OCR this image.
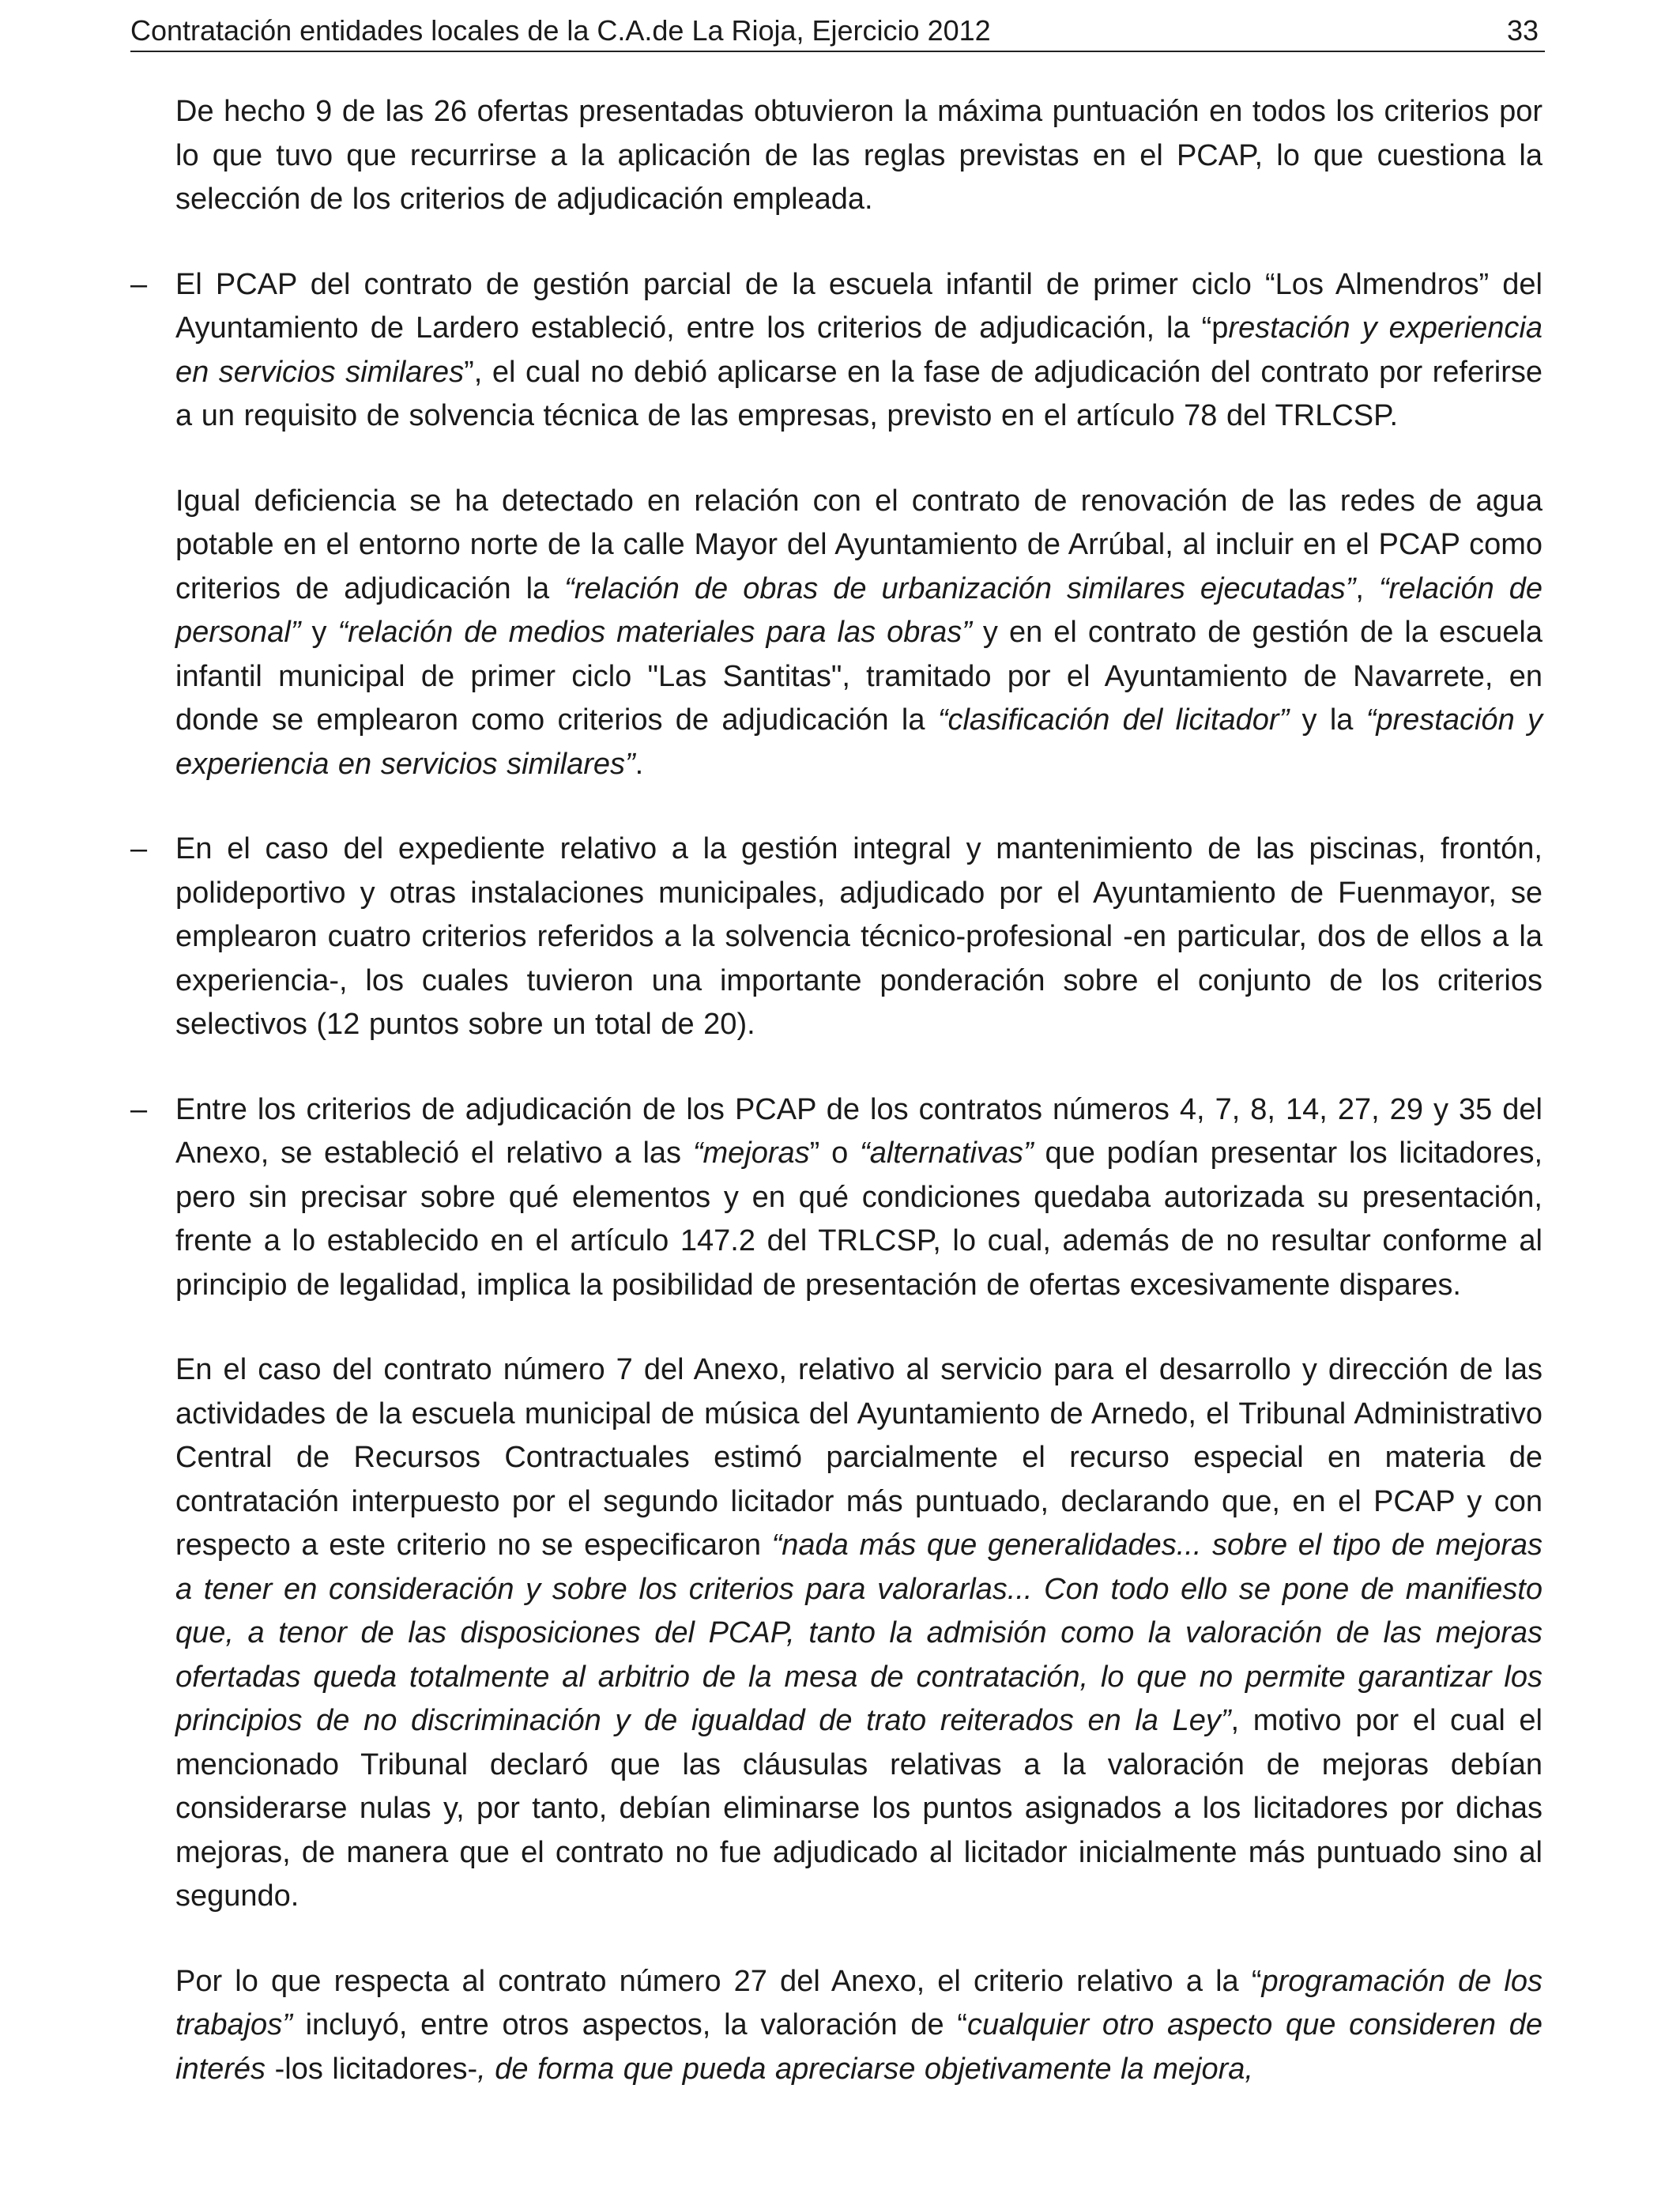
Contratación entidades locales de la C.A.de La Rioja, Ejercicio 2012	33

De hecho 9 de las 26 ofertas presentadas obtuvieron la máxima puntuación en todos los criterios por lo que tuvo que recurrirse a la aplicación de las reglas previstas en el PCAP, lo que cuestiona la selección de los criterios de adjudicación empleada.

– El PCAP del contrato de gestión parcial de la escuela infantil de primer ciclo “Los Almendros” del Ayuntamiento de Lardero estableció, entre los criterios de adjudicación, la “prestación y experiencia en servicios similares”, el cual no debió aplicarse en la fase de adjudicación del contrato por referirse a un requisito de solvencia técnica de las empresas, previsto en el artículo 78 del TRLCSP.

Igual deficiencia se ha detectado en relación con el contrato de renovación de las redes de agua potable en el entorno norte de la calle Mayor del Ayuntamiento de Arrúbal, al incluir en el PCAP como criterios de adjudicación la “relación de obras de urbanización similares ejecutadas”, “relación de personal” y “relación de medios materiales para las obras” y en el contrato de gestión de la escuela infantil municipal de primer ciclo "Las Santitas", tramitado por el Ayuntamiento de Navarrete, en donde se emplearon como criterios de adjudicación la “clasificación del licitador” y la “prestación y experiencia en servicios similares”.

– En el caso del expediente relativo a la gestión integral y mantenimiento de las piscinas, frontón, polideportivo y otras instalaciones municipales, adjudicado por el Ayuntamiento de Fuenmayor, se emplearon cuatro criterios referidos a la solvencia técnico-profesional -en particular, dos de ellos a la experiencia-, los cuales tuvieron una importante ponderación sobre el conjunto de los criterios selectivos (12 puntos sobre un total de 20).

– Entre los criterios de adjudicación de los PCAP de los contratos números 4, 7, 8, 14, 27, 29 y 35 del Anexo, se estableció el relativo a las “mejoras” o “alternativas” que podían presentar los licitadores, pero sin precisar sobre qué elementos y en qué condiciones quedaba autorizada su presentación, frente a lo establecido en el artículo 147.2 del TRLCSP, lo cual, además de no resultar conforme al principio de legalidad, implica la posibilidad de presentación de ofertas excesivamente dispares.

En el caso del contrato número 7 del Anexo, relativo al servicio para el desarrollo y dirección de las actividades de la escuela municipal de música del Ayuntamiento de Arnedo, el Tribunal Administrativo Central de Recursos Contractuales estimó parcialmente el recurso especial en materia de contratación interpuesto por el segundo licitador más puntuado, declarando que, en el PCAP y con respecto a este criterio no se especificaron “nada más que generalidades... sobre el tipo de mejoras a tener en consideración y sobre los criterios para valorarlas... Con todo ello se pone de manifiesto que, a tenor de las disposiciones del PCAP, tanto la admisión como la valoración de las mejoras ofertadas queda totalmente al arbitrio de la mesa de contratación, lo que no permite garantizar los principios de no discriminación y de igualdad de trato reiterados en la Ley”, motivo por el cual el mencionado Tribunal declaró que las cláusulas relativas a la valoración de mejoras debían considerarse nulas y, por tanto, debían eliminarse los puntos asignados a los licitadores por dichas mejoras, de manera que el contrato no fue adjudicado al licitador inicialmente más puntuado sino al segundo.

Por lo que respecta al contrato número 27 del Anexo, el criterio relativo a la “programación de los trabajos” incluyó, entre otros aspectos, la valoración de “cualquier otro aspecto que consideren de interés -los licitadores-, de forma que pueda apreciarse objetivamente la mejora,
